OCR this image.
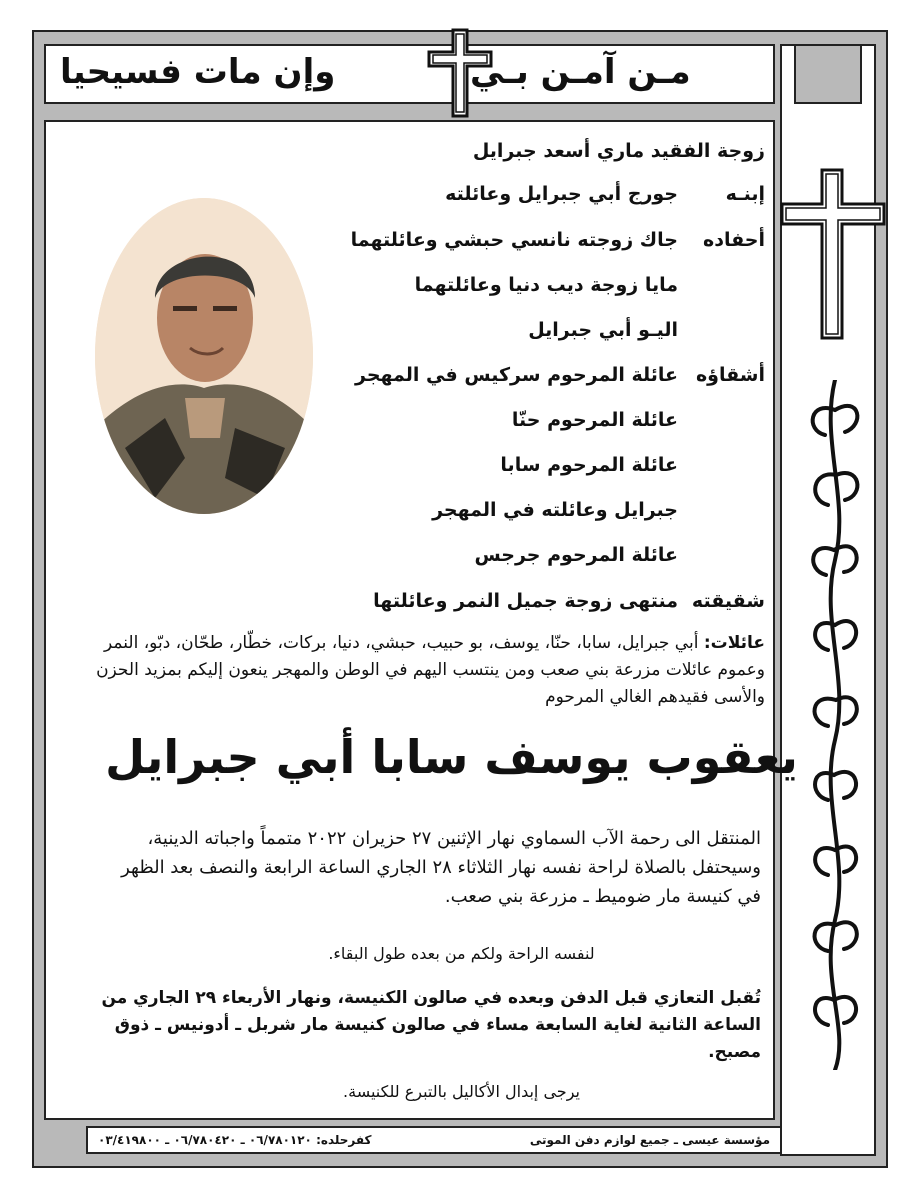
مـن آمـن بـي
وإن مات فسيحيا
زوجة الفقيد ماري أسعد جبرايل
إبنـه
جورج أبي جبرايل وعائلته
أحفاده
جاك زوجته نانسي حبشي وعائلتهما
مايا زوجة ديب دنيا وعائلتهما
اليـو أبي جبرايل
أشقاؤه
عائلة المرحوم سركيس في المهجر
عائلة المرحوم حنّا
عائلة المرحوم سابا
جبرايل وعائلته في المهجر
عائلة المرحوم جرجس
شقيقته
منتهى زوجة جميل النمر وعائلتها
عائلات: أبي جبرايل، سابا، حنّا، يوسف، بو حبيب، حبشي، دنيا، بركات، خطّار، طحّان، دبّو، النمر وعموم عائلات مزرعة بني صعب ومن ينتسب اليهم في الوطن والمهجر ينعون إليكم بمزيد الحزن والأسى فقيدهم الغالي المرحوم
يعقوب يوسف سابا أبي جبرايل
المنتقل الى رحمة الآب السماوي نهار الإثنين ٢٧ حزيران ٢٠٢٢ متمماً واجباته الدينية، وسيحتفل بالصلاة لراحة نفسه نهار الثلاثاء ٢٨ الجاري الساعة الرابعة والنصف بعد الظهر في كنيسة مار ضوميط ـ مزرعة بني صعب.
لنفسه الراحة ولكم من بعده طول البقاء.
تُقبل التعازي قبل الدفن وبعده في صالون الكنيسة، ونهار الأربعاء ٢٩ الجاري من الساعة الثانية لغاية السابعة مساء في صالون كنيسة مار شربل ـ أدونيس ـ ذوق مصبح.
يرجى إبدال الأكاليل بالتبرع للكنيسة.
مؤسسة عيسى ـ جميع لوازم دفن الموتى
كفرحلده: ٠٦/٧٨٠١٢٠ ـ ٠٦/٧٨٠٤٢٠ ـ ٠٣/٤١٩٨٠٠
